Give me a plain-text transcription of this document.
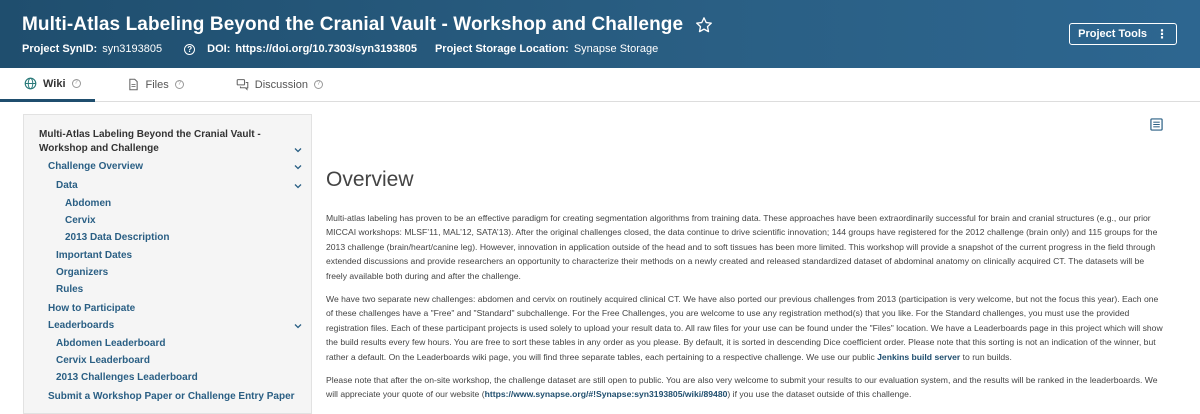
Multi-Atlas Labeling Beyond the Cranial Vault - Workshop and Challenge
Project SynID: syn3193805	? DOI: https://doi.org/10.7303/syn3193805 Project Storage Location: Synapse Storage
Project Tools ⋮
Wiki	?	Files	?	Discussion	?
Multi-Atlas Labeling Beyond the Cranial Vault - Workshop and Challenge
Challenge Overview
Data
Abdomen
Cervix
2013 Data Description
Important Dates
Organizers
Rules
How to Participate
Leaderboards
Abdomen Leaderboard
Cervix Leaderboard
2013 Challenges Leaderboard
Submit a Workshop Paper or Challenge Entry Paper
Overview

Multi-atlas labeling has proven to be an effective paradigm for creating segmentation algorithms from training data. These approaches have been extraordinarily successful for brain and cranial structures (e.g., our prior MICCAI workshops: MLSF’11, MAL’12, SATA’13). After the original challenges closed, the data continue to drive scientific innovation; 144 groups have registered for the 2012 challenge (brain only) and 115 groups for the 2013 challenge (brain/heart/canine leg). However, innovation in application outside of the head and to soft tissues has been more limited. This workshop will provide a snapshot of the current progress in the field through extended discussions and provide researchers an opportunity to characterize their methods on a newly created and released standardized dataset of abdominal anatomy on clinically acquired CT. The datasets will be freely available both during and after the challenge.

We have two separate new challenges: abdomen and cervix on routinely acquired clinical CT. We have also ported our previous challenges from 2013 (participation is very welcome, but not the focus this year). Each one of these challenges have a "Free" and "Standard" subchallenge. For the Free Challenges, you are welcome to use any registration method(s) that you like. For the Standard challenges, you must use the provided registration files. Each of these participant projects is used solely to upload your result data to. All raw files for your use can be found under the "Files" location. We have a Leaderboards page in this project which will show the build results every few hours. You are free to sort these tables in any order as you please. By default, it is sorted in descending Dice coefficient order. Please note that this sorting is not an indication of the winner, but rather a default. On the Leaderboards wiki page, you will find three separate tables, each pertaining to a respective challenge. We use our public Jenkins build server to run builds.

Please note that after the on-site workshop, the challenge dataset are still open to public. You are also very welcome to submit your results to our evaluation system, and the results will be ranked in the leaderboards. We will appreciate your quote of our website (https://www.synapse.org/#!Synapse:syn3193805/wiki/89480) if you use the dataset outside of this challenge.
